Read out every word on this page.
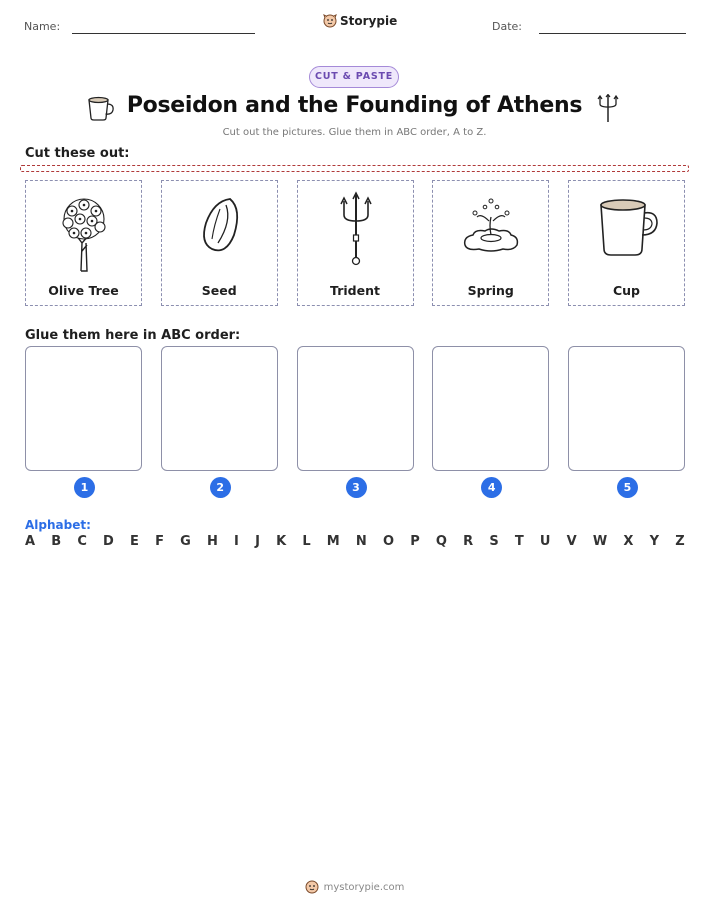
Name:	Storypie	Date:
CUT & PASTE
Poseidon and the Founding of Athens
Cut out the pictures. Glue them in ABC order, A to Z.
Cut these out:
Olive Tree	Seed	Trident	Spring	Cup
Glue them here in ABC order:
1	2	3	4	5
Alphabet:
A B C D E F G H I J K L M N O P Q R S T U V W X Y Z
mystorypie.com
